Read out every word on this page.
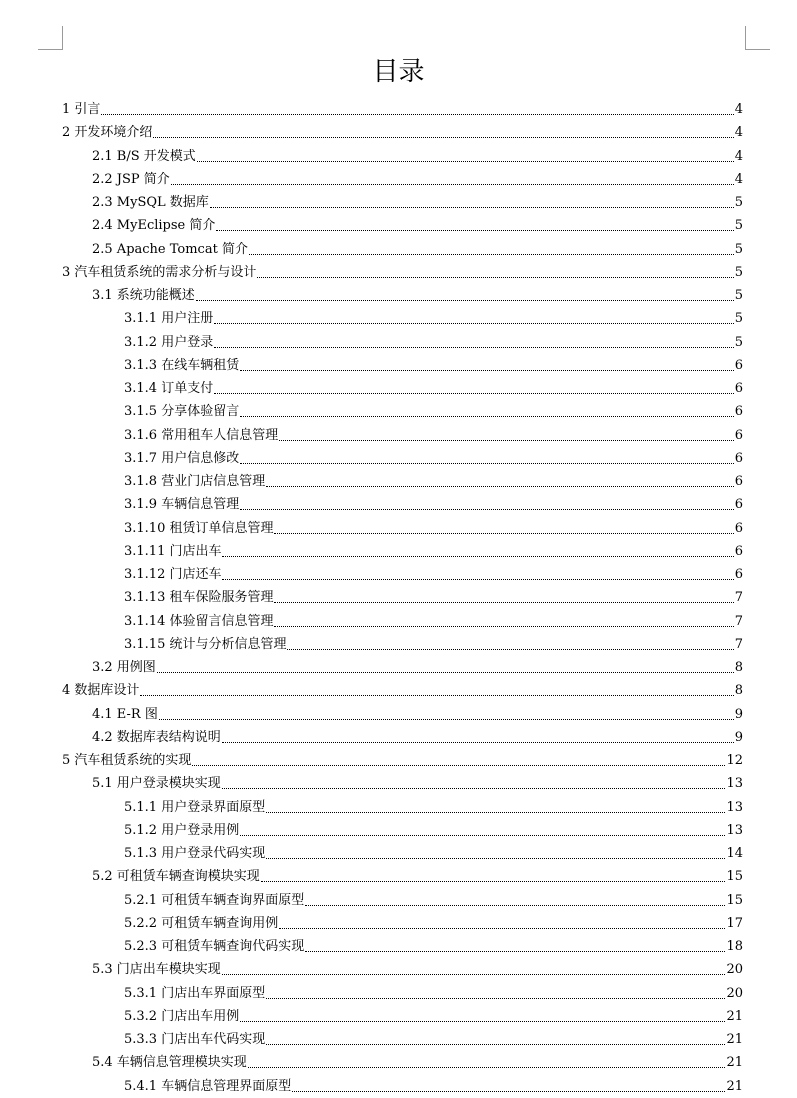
目录
1 引言	4
2 开发环境介绍	4
2.1 B/S 开发模式	4
2.2 JSP 简介	4
2.3 MySQL 数据库	5
2.4 MyEclipse 简介	5
2.5 Apache Tomcat 简介	5
3 汽车租赁系统的需求分析与设计	5
3.1 系统功能概述	5
3.1.1 用户注册	5
3.1.2 用户登录	5
3.1.3 在线车辆租赁	6
3.1.4 订单支付	6
3.1.5 分享体验留言	6
3.1.6 常用租车人信息管理	6
3.1.7 用户信息修改	6
3.1.8 营业门店信息管理	6
3.1.9 车辆信息管理	6
3.1.10 租赁订单信息管理	6
3.1.11 门店出车	6
3.1.12 门店还车	6
3.1.13 租车保险服务管理	7
3.1.14 体验留言信息管理	7
3.1.15 统计与分析信息管理	7
3.2 用例图	8
4 数据库设计	8
4.1 E-R 图	9
4.2 数据库表结构说明	9
5 汽车租赁系统的实现	12
5.1 用户登录模块实现	13
5.1.1 用户登录界面原型	13
5.1.2 用户登录用例	13
5.1.3 用户登录代码实现	14
5.2 可租赁车辆查询模块实现	15
5.2.1 可租赁车辆查询界面原型	15
5.2.2 可租赁车辆查询用例	17
5.2.3 可租赁车辆查询代码实现	18
5.3 门店出车模块实现	20
5.3.1 门店出车界面原型	20
5.3.2 门店出车用例	21
5.3.3 门店出车代码实现	21
5.4 车辆信息管理模块实现	21
5.4.1 车辆信息管理界面原型	21
